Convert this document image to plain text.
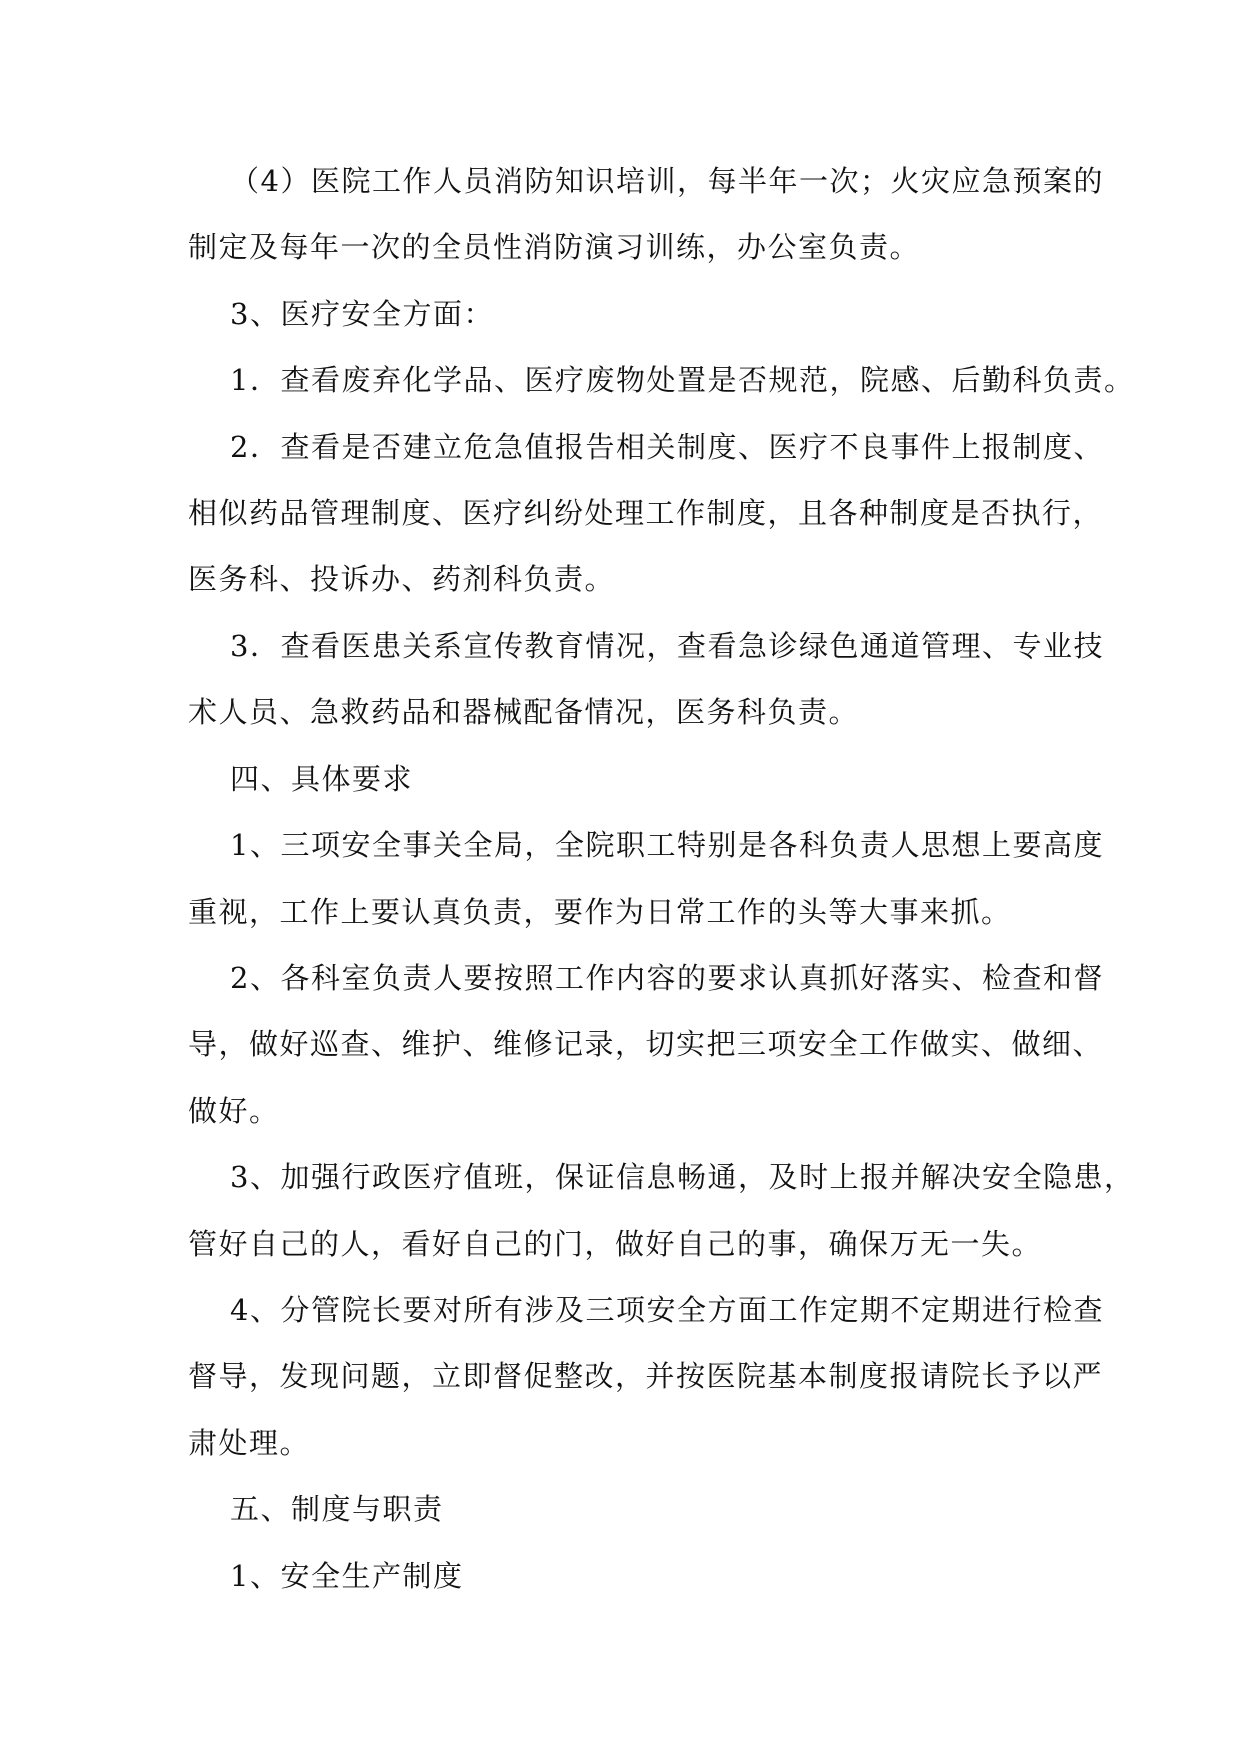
（4）医院工作人员消防知识培训，每半年一次；火灾应急预案的
制定及每年一次的全员性消防演习训练，办公室负责。
3、医疗安全方面：
1．查看废弃化学品、医疗废物处置是否规范，院感、后勤科负责。
2．查看是否建立危急值报告相关制度、医疗不良事件上报制度、
相似药品管理制度、医疗纠纷处理工作制度，且各种制度是否执行，
医务科、投诉办、药剂科负责。
3．查看医患关系宣传教育情况，查看急诊绿色通道管理、专业技
术人员、急救药品和器械配备情况，医务科负责。
四、具体要求
1、三项安全事关全局，全院职工特别是各科负责人思想上要高度
重视，工作上要认真负责，要作为日常工作的头等大事来抓。
2、各科室负责人要按照工作内容的要求认真抓好落实、检查和督
导，做好巡查、维护、维修记录，切实把三项安全工作做实、做细、
做好。
3、加强行政医疗值班，保证信息畅通，及时上报并解决安全隐患，
管好自己的人，看好自己的门，做好自己的事，确保万无一失。
4、分管院长要对所有涉及三项安全方面工作定期不定期进行检查
督导，发现问题，立即督促整改，并按医院基本制度报请院长予以严
肃处理。
五、制度与职责
1、安全生产制度
